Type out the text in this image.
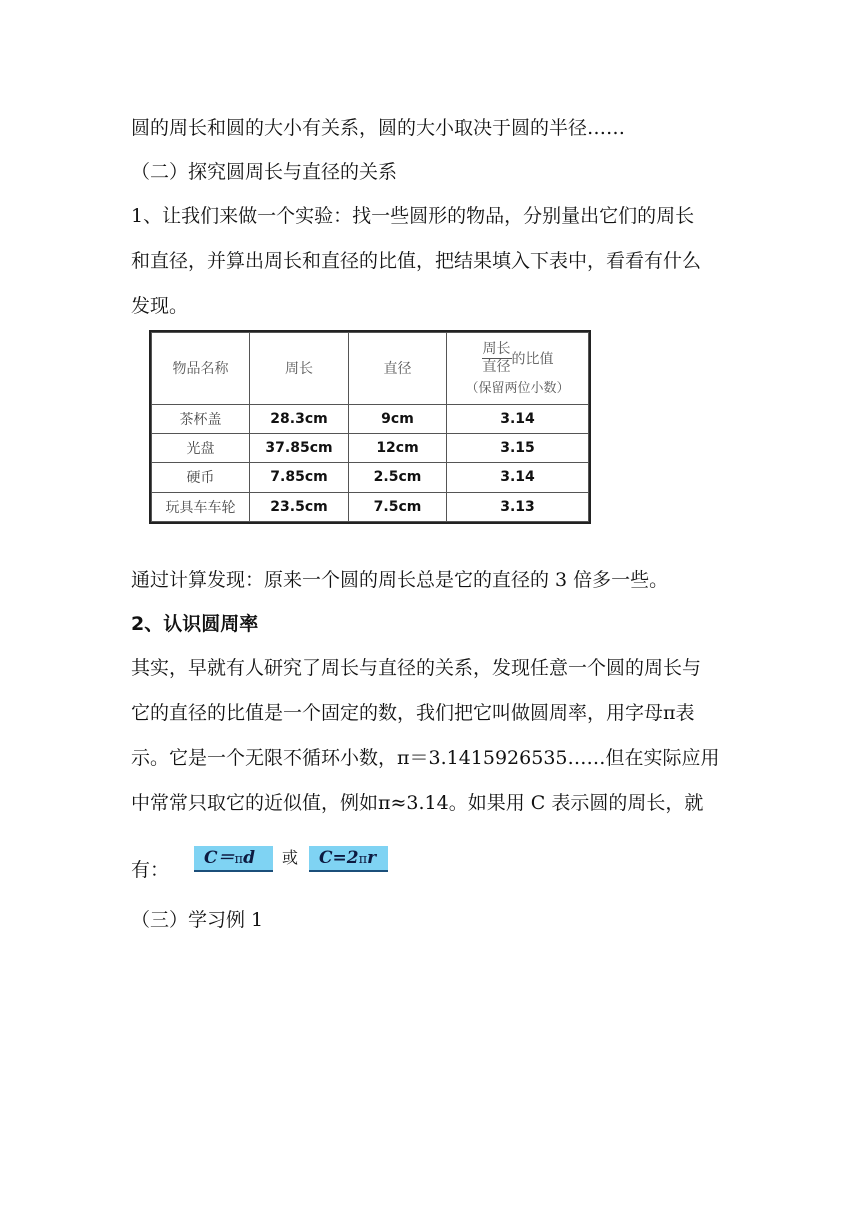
圆的周长和圆的大小有关系，圆的大小取决于圆的半径……
（二）探究圆周长与直径的关系
1、让我们来做一个实验：找一些圆形的物品，分别量出它们的周长
和直径，并算出周长和直径的比值，把结果填入下表中，看看有什么
发现。
物品名称	周长	直径	$\frac{\text{周长}}{\text{直径}}$ 的比值
（保留两位小数）

茶杯盖	28.3cm	9cm	3.14
光盘	37.85cm	12cm	3.15
硬币	7.85cm	2.5cm	3.14
玩具车车轮	23.5cm	7.5cm	3.13
通过计算发现：原来一个圆的周长总是它的直径的 3 倍多一些。
2、认识圆周率
其实，早就有人研究了周长与直径的关系，发现任意一个圆的周长与
它的直径的比值是一个固定的数，我们把它叫做圆周率，用字母π表
示。它是一个无限不循环小数，π＝3.1415926535……但在实际应用
中常常只取它的近似值，例如π≈3.14。如果用 C 表示圆的周长，就
有：
C＝πd	或	C=2πr
（三）学习例 1
